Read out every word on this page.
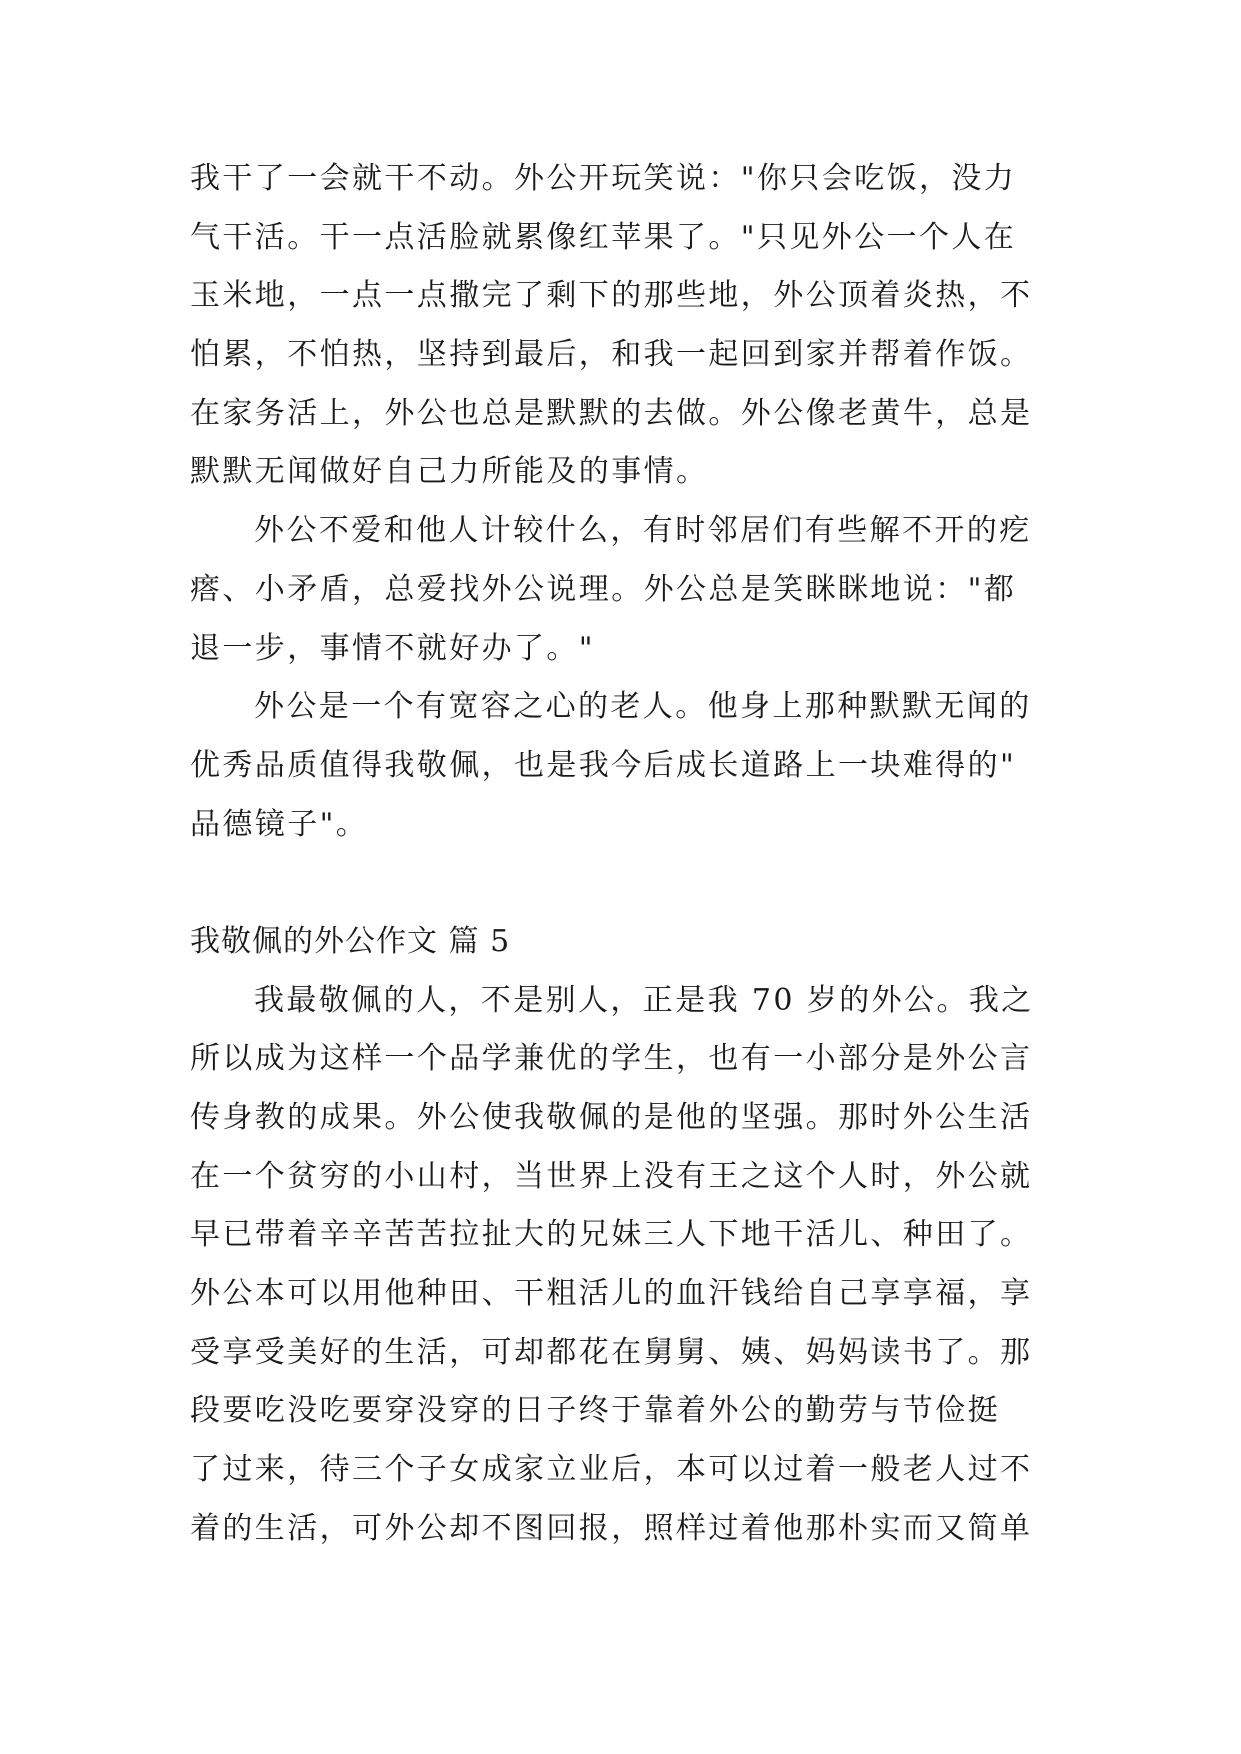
我干了一会就干不动。外公开玩笑说："你只会吃饭，没力
气干活。干一点活脸就累像红苹果了。"只见外公一个人在
玉米地，一点一点撒完了剩下的那些地，外公顶着炎热，不
怕累，不怕热，坚持到最后，和我一起回到家并帮着作饭。
在家务活上，外公也总是默默的去做。外公像老黄牛，总是
默默无闻做好自己力所能及的事情。
外公不爱和他人计较什么，有时邻居们有些解不开的疙
瘩、小矛盾，总爱找外公说理。外公总是笑眯眯地说："都
退一步，事情不就好办了。"
外公是一个有宽容之心的老人。他身上那种默默无闻的
优秀品质值得我敬佩，也是我今后成长道路上一块难得的"
品德镜子"。
我敬佩的外公作文 篇 5
我最敬佩的人，不是别人，正是我 70 岁的外公。我之
所以成为这样一个品学兼优的学生，也有一小部分是外公言
传身教的成果。外公使我敬佩的是他的坚强。那时外公生活
在一个贫穷的小山村，当世界上没有王之这个人时，外公就
早已带着辛辛苦苦拉扯大的兄妹三人下地干活儿、种田了。
外公本可以用他种田、干粗活儿的血汗钱给自己享享福，享
受享受美好的生活，可却都花在舅舅、姨、妈妈读书了。那
段要吃没吃要穿没穿的日子终于靠着外公的勤劳与节俭挺
了过来，待三个子女成家立业后，本可以过着一般老人过不
着的生活，可外公却不图回报，照样过着他那朴实而又简单
